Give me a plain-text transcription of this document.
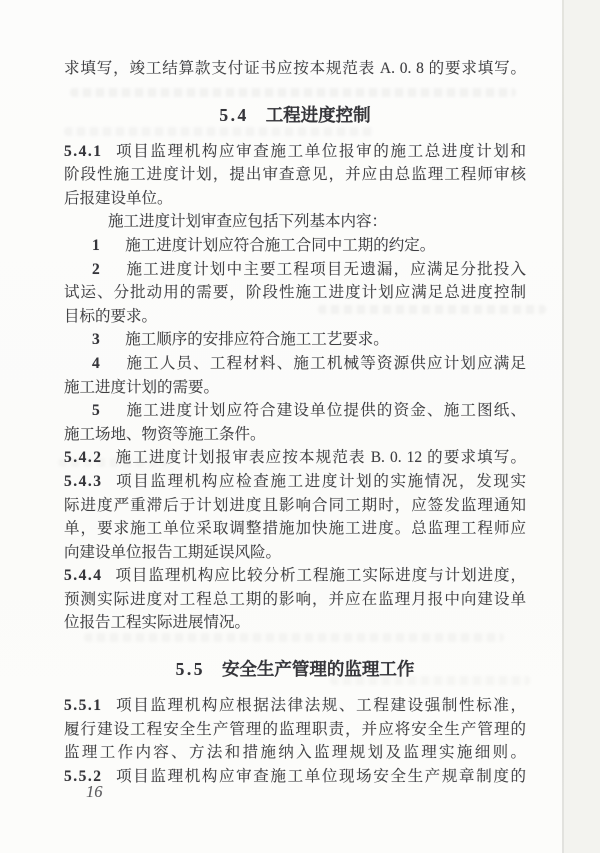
求填写，竣工结算款支付证书应按本规范表 A. 0. 8 的要求填写。
5.4 工程进度控制
5.4.1 项目监理机构应审查施工单位报审的施工总进度计划和
阶段性施工进度计划，提出审查意见，并应由总监理工程师审核
后报建设单位。
施工进度计划审查应包括下列基本内容：
1 施工进度计划应符合施工合同中工期的约定。
2 施工进度计划中主要工程项目无遗漏，应满足分批投入
试运、分批动用的需要，阶段性施工进度计划应满足总进度控制
目标的要求。
3 施工顺序的安排应符合施工工艺要求。
4 施工人员、工程材料、施工机械等资源供应计划应满足
施工进度计划的需要。
5 施工进度计划应符合建设单位提供的资金、施工图纸、
施工场地、物资等施工条件。
5.4.2 施工进度计划报审表应按本规范表 B. 0. 12 的要求填写。
5.4.3 项目监理机构应检查施工进度计划的实施情况，发现实
际进度严重滞后于计划进度且影响合同工期时，应签发监理通知
单，要求施工单位采取调整措施加快施工进度。总监理工程师应
向建设单位报告工期延误风险。
5.4.4 项目监理机构应比较分析工程施工实际进度与计划进度，
预测实际进度对工程总工期的影响，并应在监理月报中向建设单
位报告工程实际进展情况。
5.5 安全生产管理的监理工作
5.5.1 项目监理机构应根据法律法规、工程建设强制性标准，
履行建设工程安全生产管理的监理职责，并应将安全生产管理的
监理工作内容、方法和措施纳入监理规划及监理实施细则。
5.5.2 项目监理机构应审查施工单位现场安全生产规章制度的
16
